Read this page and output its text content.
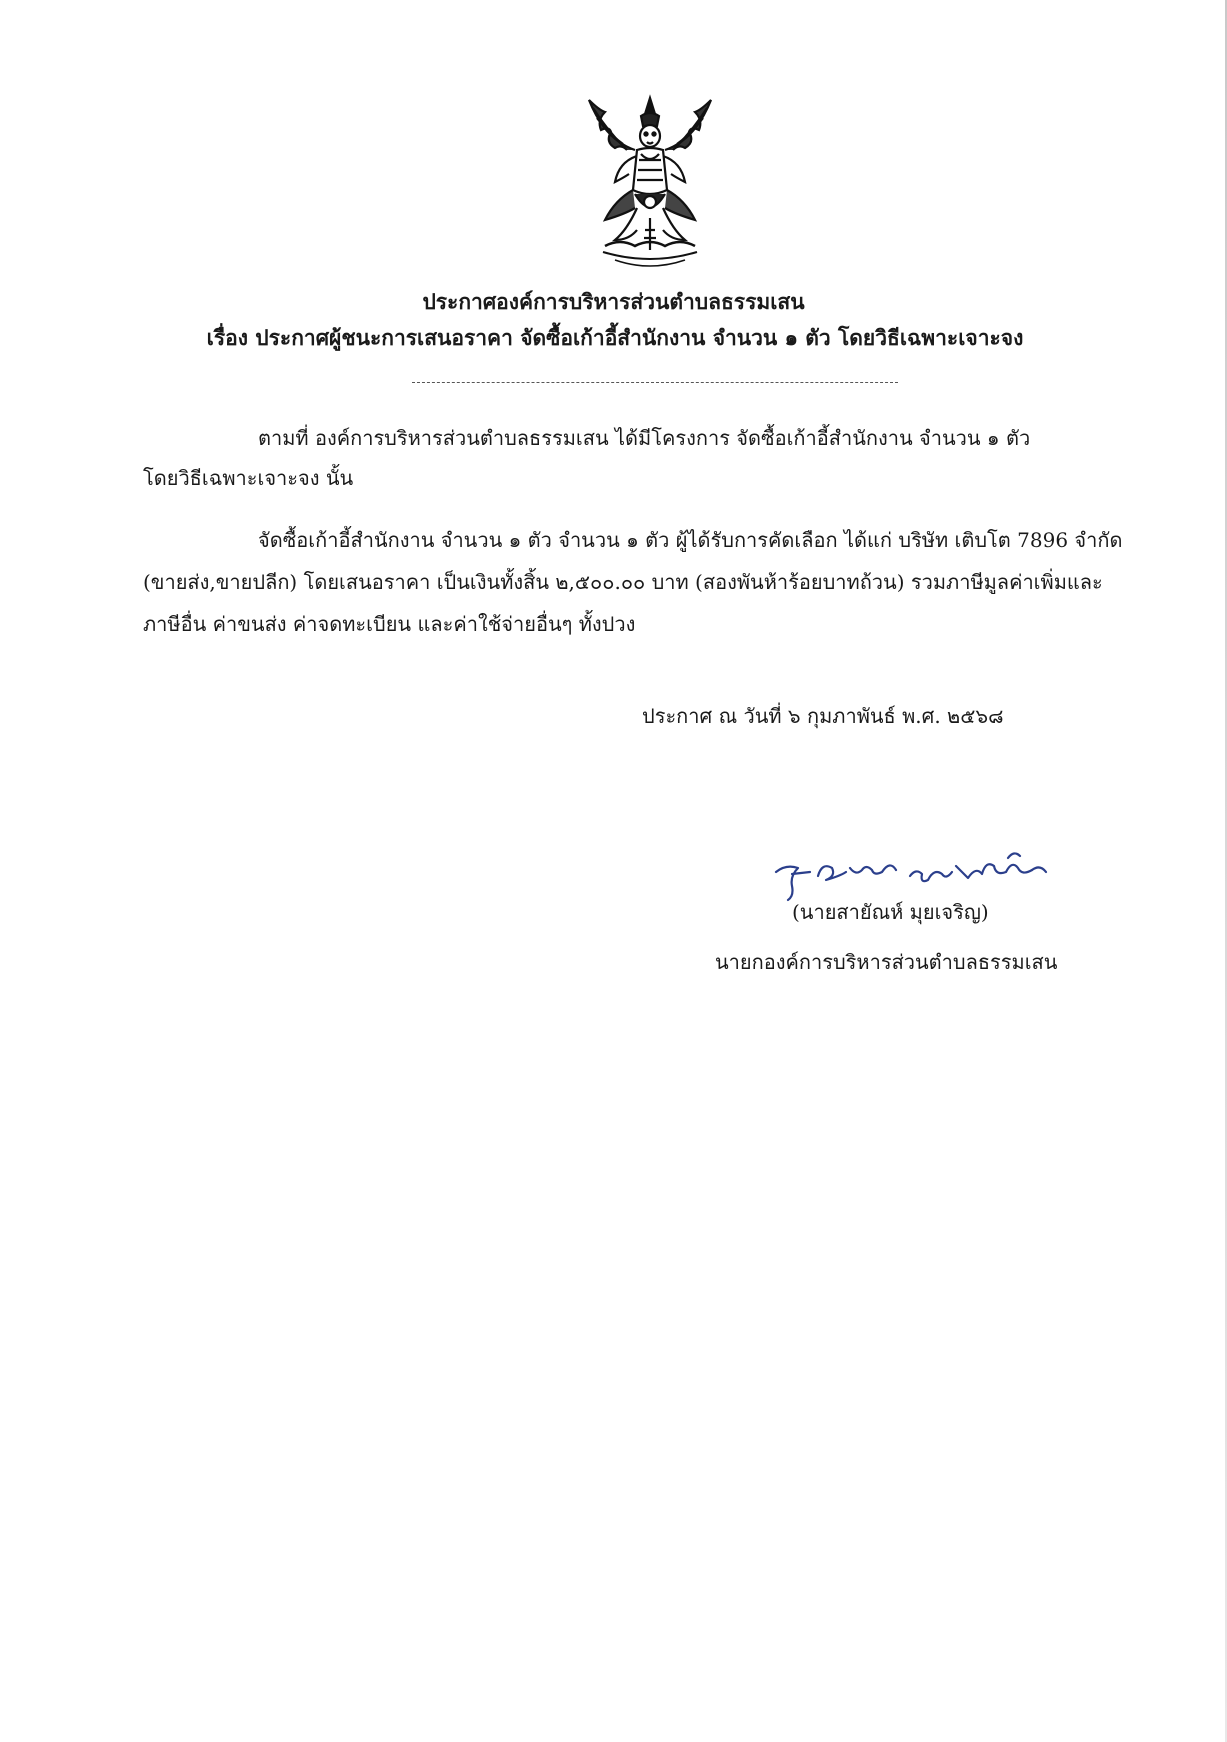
ประกาศองค์การบริหารส่วนตำบลธรรมเสน
เรื่อง ประกาศผู้ชนะการเสนอราคา จัดซื้อเก้าอี้สำนักงาน จำนวน ๑ ตัว โดยวิธีเฉพาะเจาะจง
ตามที่ องค์การบริหารส่วนตำบลธรรมเสน ได้มีโครงการ จัดซื้อเก้าอี้สำนักงาน จำนวน ๑ ตัว
โดยวิธีเฉพาะเจาะจง นั้น
จัดซื้อเก้าอี้สำนักงาน จำนวน ๑ ตัว จำนวน ๑ ตัว ผู้ได้รับการคัดเลือก ได้แก่ บริษัท เติบโต 7896 จำกัด
(ขายส่ง,ขายปลีก) โดยเสนอราคา เป็นเงินทั้งสิ้น ๒,๕๐๐.๐๐ บาท (สองพันห้าร้อยบาทถ้วน) รวมภาษีมูลค่าเพิ่มและ
ภาษีอื่น ค่าขนส่ง ค่าจดทะเบียน และค่าใช้จ่ายอื่นๆ ทั้งปวง
ประกาศ ณ วันที่ ๖ กุมภาพันธ์ พ.ศ. ๒๕๖๘
(นายสายัณห์ มุยเจริญ)
นายกองค์การบริหารส่วนตำบลธรรมเสน
